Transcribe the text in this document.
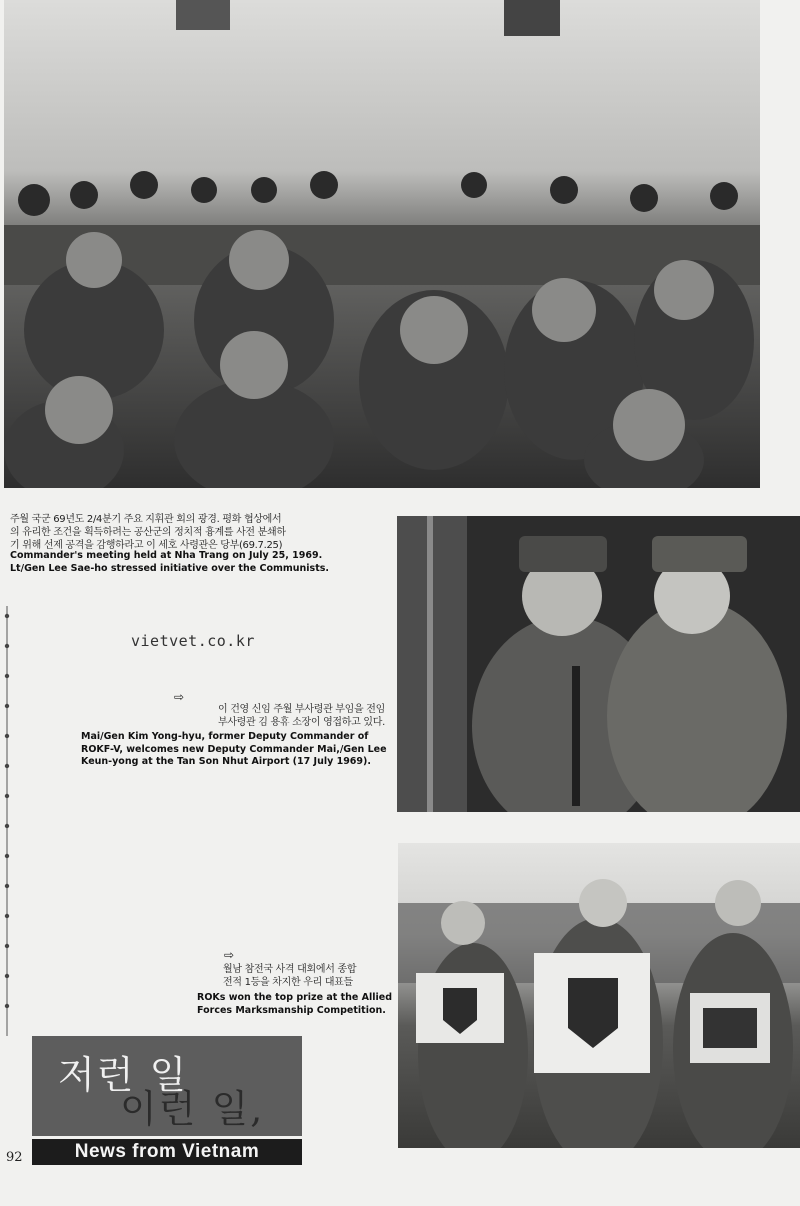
주월 국군 69년도 2/4분기 주요 지휘관 회의 광경. 평화 협상에서
의 유리한 조건을 획득하려는 공산군의 정치적 흉계를 사전 분쇄하
기 위해 선제 공격을 감행하라고 이 세호 사령관은 당부(69.7.25)
Commander's meeting held at Nha Trang on July 25, 1969.
Lt/Gen Lee Sae-ho stressed initiative over the Communists.
vietvet.co.kr
⇨
이 건영 신임 주월 부사령관 부임을 전임
부사령관 김 용휴 소장이 영접하고 있다.
Mai/Gen Kim Yong-hyu, former Deputy Commander of
ROKF-V, welcomes new Deputy Commander Mai,/Gen Lee
Keun-yong at the Tan Son Nhut Airport (17 July 1969).
⇨
월남 참전국 사격 대회에서 종합
전적 1등을 차지한 우리 대표들
ROKs won the top prize at the Allied
Forces Marksmanship Competition.
저런 일
이런 일,
News from Vietnam
92
